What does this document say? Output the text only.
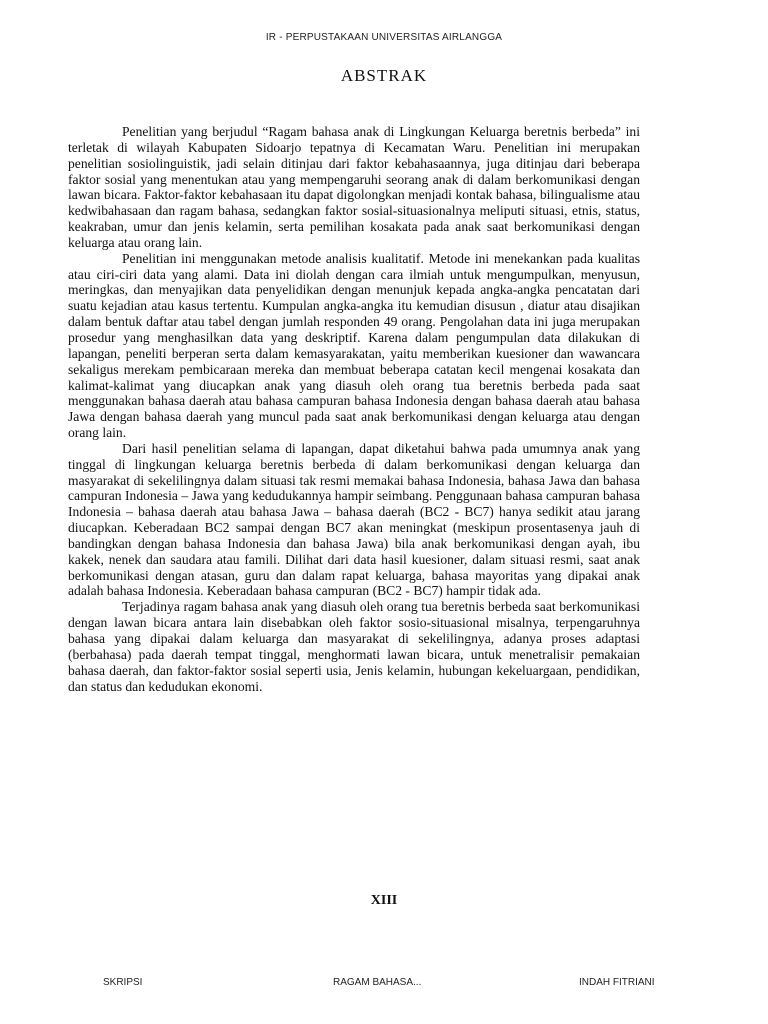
IR - PERPUSTAKAAN UNIVERSITAS AIRLANGGA
ABSTRAK

Penelitian yang berjudul “Ragam bahasa anak di Lingkungan Keluarga beretnis berbeda” ini terletak di wilayah Kabupaten Sidoarjo tepatnya di Kecamatan Waru. Penelitian ini merupakan penelitian sosiolinguistik, jadi selain ditinjau dari faktor kebahasaannya, juga ditinjau dari beberapa faktor sosial yang menentukan atau yang mempengaruhi seorang anak di dalam berkomunikasi dengan lawan bicara. Faktor-faktor kebahasaan itu dapat digolongkan menjadi kontak bahasa, bilingualisme atau kedwibahasaan dan ragam bahasa, sedangkan faktor sosial-situasionalnya meliputi situasi, etnis, status, keakraban, umur dan jenis kelamin, serta pemilihan kosakata pada anak saat berkomunikasi dengan keluarga atau orang lain.

Penelitian ini menggunakan metode analisis kualitatif. Metode ini menekankan pada kualitas atau ciri-ciri data yang alami. Data ini diolah dengan cara ilmiah untuk mengumpulkan, menyusun, meringkas, dan menyajikan data penyelidikan dengan menunjuk kepada angka-angka pencatatan dari suatu kejadian atau kasus tertentu. Kumpulan angka-angka itu kemudian disusun , diatur atau disajikan dalam bentuk daftar atau tabel dengan jumlah responden 49 orang. Pengolahan data ini juga merupakan prosedur yang menghasilkan data yang deskriptif. Karena dalam pengumpulan data dilakukan di lapangan, peneliti berperan serta dalam kemasyarakatan, yaitu memberikan kuesioner dan wawancara sekaligus merekam pembicaraan mereka dan membuat beberapa catatan kecil mengenai kosakata dan kalimat-kalimat yang diucapkan anak yang diasuh oleh orang tua beretnis berbeda pada saat menggunakan bahasa daerah atau bahasa campuran bahasa Indonesia dengan bahasa daerah atau bahasa Jawa dengan bahasa daerah yang muncul pada saat anak berkomunikasi dengan keluarga atau dengan orang lain.

Dari hasil penelitian selama di lapangan, dapat diketahui bahwa pada umumnya anak yang tinggal di lingkungan keluarga beretnis berbeda di dalam berkomunikasi dengan keluarga dan masyarakat di sekelilingnya dalam situasi tak resmi memakai bahasa Indonesia, bahasa Jawa dan bahasa campuran Indonesia – Jawa yang kedudukannya hampir seimbang. Penggunaan bahasa campuran bahasa Indonesia – bahasa daerah atau bahasa Jawa – bahasa daerah (BC2 - BC7) hanya sedikit atau jarang diucapkan. Keberadaan BC2 sampai dengan BC7 akan meningkat (meskipun prosentasenya jauh di bandingkan dengan bahasa Indonesia dan bahasa Jawa) bila anak berkomunikasi dengan ayah, ibu kakek, nenek dan saudara atau famili. Dilihat dari data hasil kuesioner, dalam situasi resmi, saat anak berkomunikasi dengan atasan, guru dan dalam rapat keluarga, bahasa mayoritas yang dipakai anak adalah bahasa Indonesia. Keberadaan bahasa campuran (BC2 - BC7) hampir tidak ada.

Terjadinya ragam bahasa anak yang diasuh oleh orang tua beretnis berbeda saat berkomunikasi dengan lawan bicara antara lain disebabkan oleh faktor sosio-situasional misalnya, terpengaruhnya bahasa yang dipakai dalam keluarga dan masyarakat di sekelilingnya, adanya proses adaptasi (berbahasa) pada daerah tempat tinggal, menghormati lawan bicara, untuk menetralisir pemakaian bahasa daerah, dan faktor-faktor sosial seperti usia, Jenis kelamin, hubungan kekeluargaan, pendidikan, dan status dan kedudukan ekonomi.

XIII
SKRIPSI	RAGAM BAHASA...	INDAH FITRIANI
